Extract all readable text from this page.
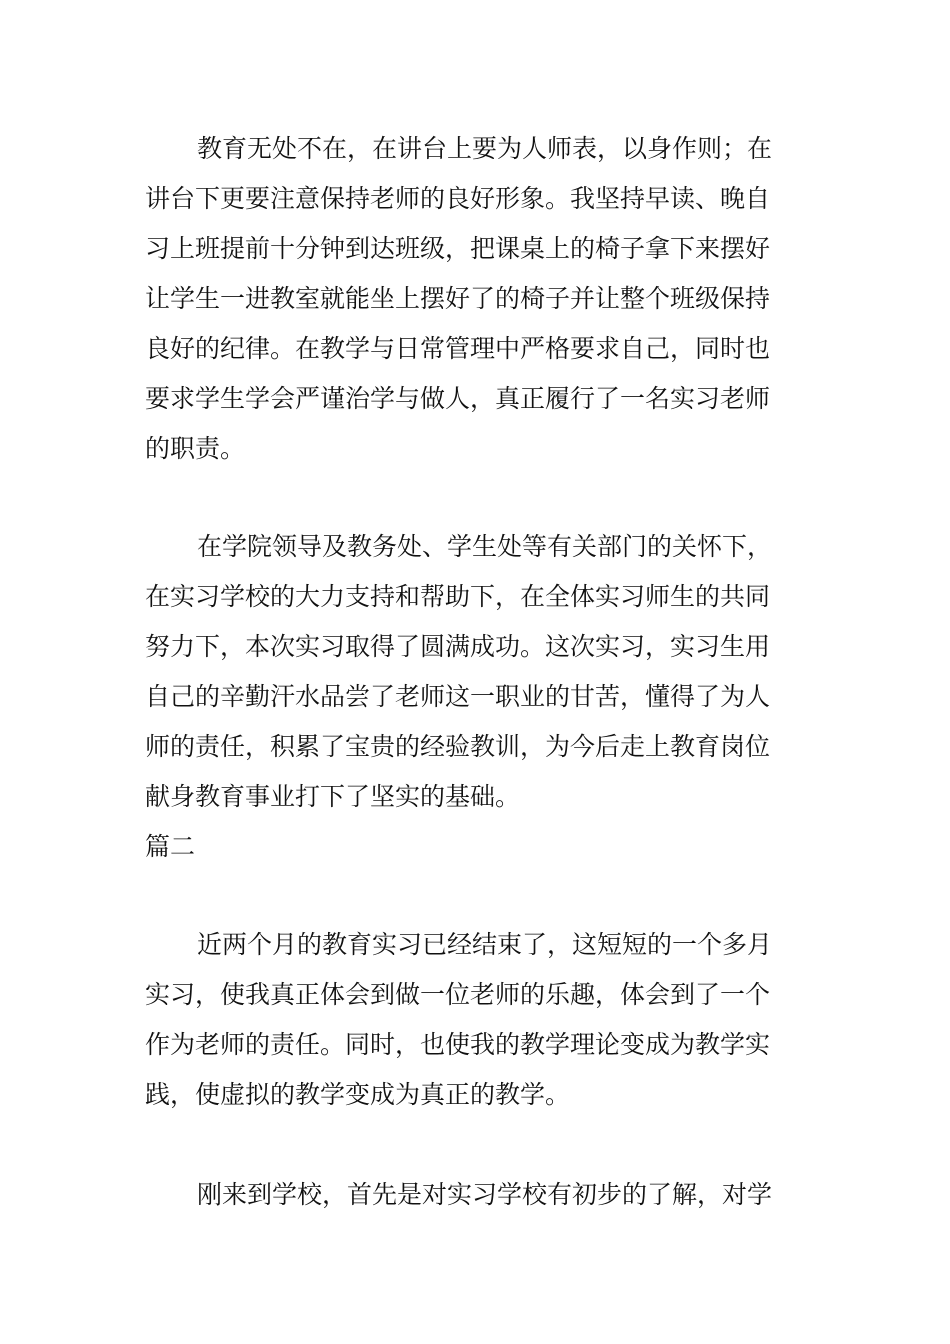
教育无处不在，在讲台上要为人师表，以身作则；在
讲台下更要注意保持老师的良好形象。我坚持早读、晚自
习上班提前十分钟到达班级，把课桌上的椅子拿下来摆好
让学生一进教室就能坐上摆好了的椅子并让整个班级保持
良好的纪律。在教学与日常管理中严格要求自己，同时也
要求学生学会严谨治学与做人，真正履行了一名实习老师
的职责。
在学院领导及教务处、学生处等有关部门的关怀下，
在实习学校的大力支持和帮助下，在全体实习师生的共同
努力下，本次实习取得了圆满成功。这次实习，实习生用
自己的辛勤汗水品尝了老师这一职业的甘苦，懂得了为人
师的责任，积累了宝贵的经验教训，为今后走上教育岗位
献身教育事业打下了坚实的基础。
篇二
近两个月的教育实习已经结束了，这短短的一个多月
实习，使我真正体会到做一位老师的乐趣，体会到了一个
作为老师的责任。同时，也使我的教学理论变成为教学实
践，使虚拟的教学变成为真正的教学。
刚来到学校，首先是对实习学校有初步的了解，对学
